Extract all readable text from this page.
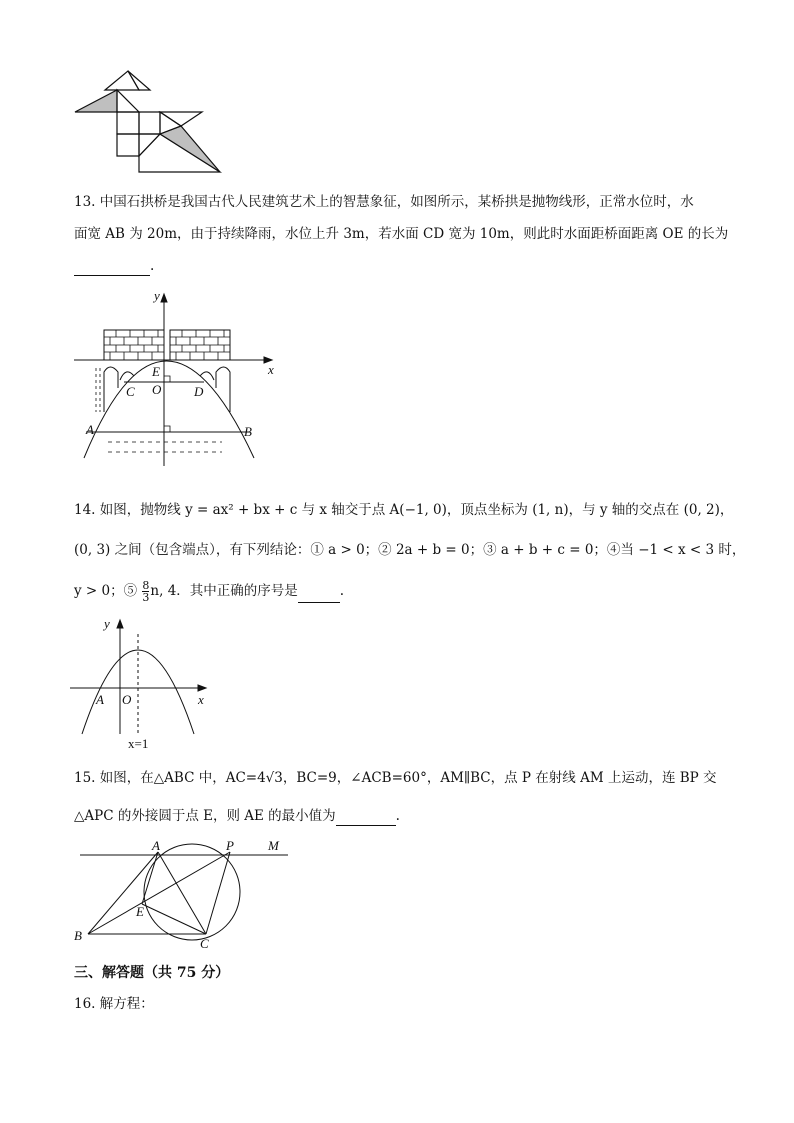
13. 中国石拱桥是我国古代人民建筑艺术上的智慧象征，如图所示，某桥拱是抛物线形，正常水位时，水
面宽 AB 为 20m，由于持续降雨，水位上升 3m，若水面 CD 宽为 10m，则此时水面距桥面距离 OE 的长为
.
y
x
E
O
C	D
A	B
14. 如图，抛物线 y = ax² + bx + c 与 x 轴交于点 A(−1, 0)，顶点坐标为 (1, n)，与 y 轴的交点在 (0, 2)，
(0, 3) 之间（包含端点），有下列结论：① a > 0；② 2a + b = 0；③ a + b + c = 0；④当 −1 < x < 3 时，
y > 0；⑤ $\frac{8}{3} n$, 4．其中正确的序号是	.
y
x
A O
x=1
15. 如图，在△ABC 中，AC=4√3，BC=9，∠ACB=60°，AM∥BC，点 P 在射线 AM 上运动，连 BP 交
△APC 的外接圆于点 E，则 AE 的最小值为	.
A	P	M
E
B
C
三、解答题（共 75 分）
16. 解方程：
